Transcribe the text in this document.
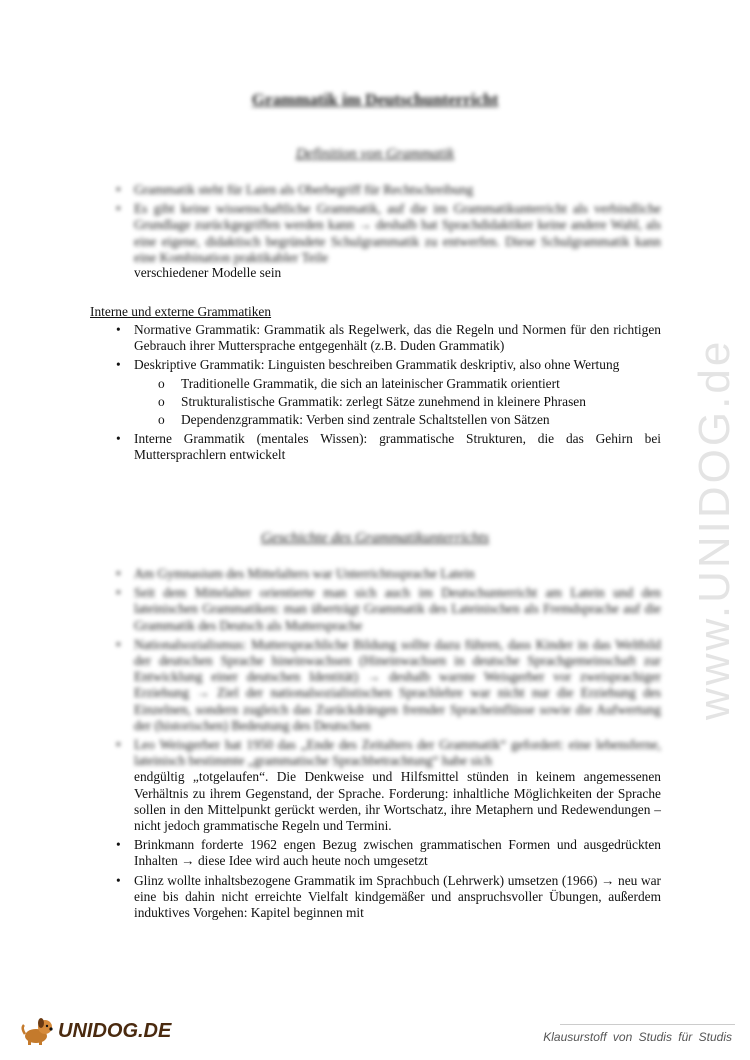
www.UNIDOG.de
Grammatik im Deutschunterricht
Definition von Grammatik
• Grammatik steht für Laien als Oberbegriff für Rechtschreibung
• Es gibt keine wissenschaftliche Grammatik, auf die im Grammatikunterricht als verbindliche Grundlage zurückgegriffen werden kann → deshalb hat Sprachdidaktiker keine andere Wahl, als eine eigene, didaktisch begründete Schulgrammatik zu entwerfen. Diese Schulgrammatik kann eine Kombination praktikabler Teile
verschiedener Modelle sein
Interne und externe Grammatiken
• Normative Grammatik: Grammatik als Regelwerk, das die Regeln und Normen für den richtigen Gebrauch ihrer Muttersprache entgegenhält (z.B. Duden Grammatik)
• Deskriptive Grammatik: Linguisten beschreiben Grammatik deskriptiv, also ohne Wertung
o Traditionelle Grammatik, die sich an lateinischer Grammatik orientiert
o Strukturalistische Grammatik: zerlegt Sätze zunehmend in kleinere Phrasen
o Dependenzgrammatik: Verben sind zentrale Schaltstellen von Sätzen
• Interne Grammatik (mentales Wissen): grammatische Strukturen, die das Gehirn bei Muttersprachlern entwickelt
Geschichte des Grammatikunterrichts
• Am Gymnasium des Mittelalters war Unterrichtssprache Latein
• Seit dem Mittelalter orientierte man sich auch im Deutschunterricht am Latein und den lateinischen Grammatiken: man überträgt Grammatik des Lateinischen als Fremdsprache auf die Grammatik des Deutsch als Muttersprache
• Nationalsozialismus: Muttersprachliche Bildung sollte dazu führen, dass Kinder in das Weltbild der deutschen Sprache hineinwachsen (Hineinwachsen in deutsche Sprachgemeinschaft zur Entwicklung einer deutschen Identität) → deshalb warnte Weisgerber vor zweisprachiger Erziehung → Ziel der nationalsozialistischen Sprachlehre war nicht nur die Erziehung des Einzelnen, sondern zugleich das Zurückdrängen fremder Spracheinflüsse sowie die Aufwertung der (historischen) Bedeutung des Deutschen
• Leo Weisgerber hat 1950 das „Ende des Zeitalters der Grammatik“ gefordert: eine lebensferne, lateinisch bestimmte „grammatische Sprachbetrachtung“ habe sich
endgültig „totgelaufen“. Die Denkweise und Hilfsmittel stünden in keinem angemessenen Verhältnis zu ihrem Gegenstand, der Sprache. Forderung: inhaltliche Möglichkeiten der Sprache sollen in den Mittelpunkt gerückt werden, ihr Wortschatz, ihre Metaphern und Redewendungen – nicht jedoch grammatische Regeln und Termini.
• Brinkmann forderte 1962 engen Bezug zwischen grammatischen Formen und ausgedrückten Inhalten → diese Idee wird auch heute noch umgesetzt
• Glinz wollte inhaltsbezogene Grammatik im Sprachbuch (Lehrwerk) umsetzen (1966) → neu war eine bis dahin nicht erreichte Vielfalt kindgemäßer und anspruchsvoller Übungen, außerdem induktives Vorgehen: Kapitel beginnen mit
UNIDOG.DE	Klausurstoff von Studis für Studis
